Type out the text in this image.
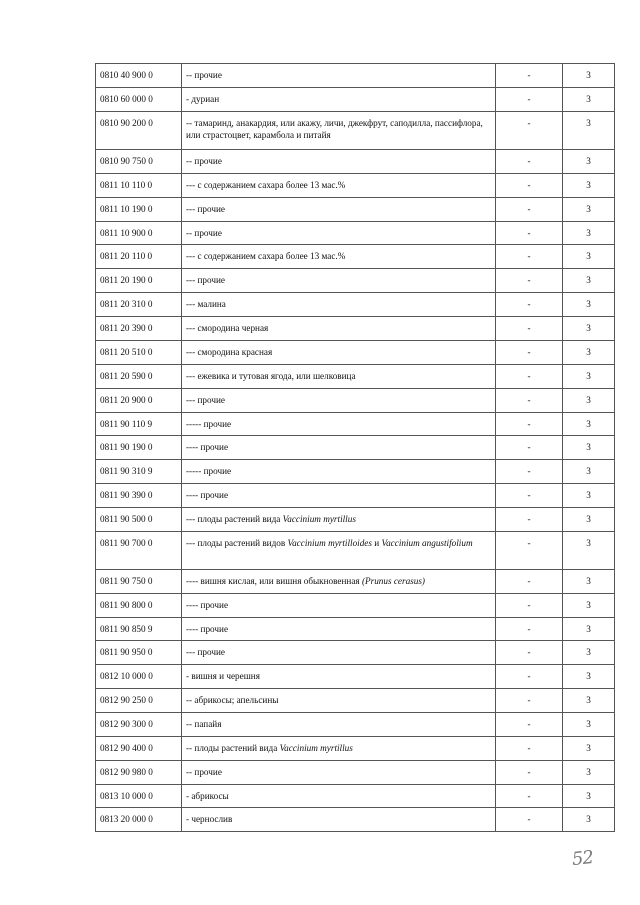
0810 40 900 0	-- прочие	-	3
0810 60 000 0	- дуриан	-	3
0810 90 200 0	-- тамаринд, анакардия, или акажу, личи, джекфрут, саподилла, пассифлора, или страстоцвет, карамбола и питайя	-	3
0810 90 750 0	-- прочие	-	3
0811 10 110 0	--- с содержанием сахара более 13 мас.%	-	3
0811 10 190 0	--- прочие	-	3
0811 10 900 0	-- прочие	-	3
0811 20 110 0	--- с содержанием сахара более 13 мас.%	-	3
0811 20 190 0	--- прочие	-	3
0811 20 310 0	--- малина	-	3
0811 20 390 0	--- смородина черная	-	3
0811 20 510 0	--- смородина красная	-	3
0811 20 590 0	--- ежевика и тутовая ягода, или шелковица	-	3
0811 20 900 0	--- прочие	-	3
0811 90 110 9	----- прочие	-	3
0811 90 190 0	---- прочие	-	3
0811 90 310 9	----- прочие	-	3
0811 90 390 0	---- прочие	-	3
0811 90 500 0	--- плоды растений вида Vaccinium myrtillus	-	3
0811 90 700 0	--- плоды растений видов Vaccinium myrtilloides и Vaccinium angustifolium	-	3
0811 90 750 0	---- вишня кислая, или вишня обыкновенная (Prunus cerasus)	-	3
0811 90 800 0	---- прочие	-	3
0811 90 850 9	---- прочие	-	3
0811 90 950 0	--- прочие	-	3
0812 10 000 0	- вишня и черешня	-	3
0812 90 250 0	-- абрикосы; апельсины	-	3
0812 90 300 0	-- папайя	-	3
0812 90 400 0	-- плоды растений вида Vaccinium myrtillus	-	3
0812 90 980 0	-- прочие	-	3
0813 10 000 0	- абрикосы	-	3
0813 20 000 0	- чернослив	-	3
52
